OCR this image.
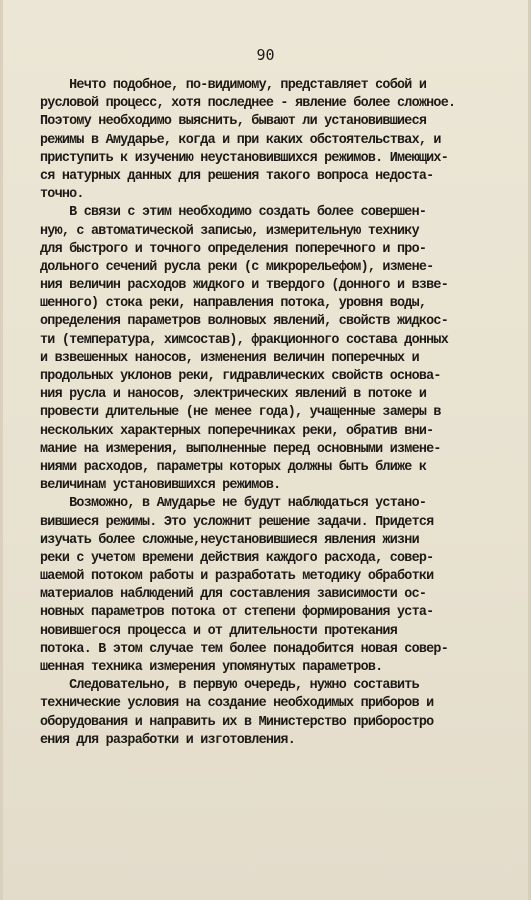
90
Нечто подобное, по-видимому, представляет собой и
русловой процесс, хотя последнее - явление более сложное.
Поэтому необходимо выяснить, бывают ли установившиеся
режимы в Амударье, когда и при каких обстоятельствах, и
приступить к изучению неустановившихся режимов. Имеющих-
ся натурных данных для решения такого вопроса недоста-
точно.
В связи с этим необходимо создать более совершен-
ную, с автоматической записью, измерительную технику
для быстрого и точного определения поперечного и про-
дольного сечений русла реки (с микрорельефом), измене-
ния величин расходов жидкого и твердого (донного и взве-
шенного) стока реки, направления потока, уровня воды,
определения параметров волновых явлений, свойств жидкос-
ти (температура, химсостав), фракционного состава донных
и взвешенных наносов, изменения величин поперечных и
продольных уклонов реки, гидравлических свойств основа-
ния русла и наносов, электрических явлений в потоке и
провести длительные (не менее года), учащенные замеры в
нескольких характерных поперечниках реки, обратив вни-
мание на измерения, выполненные перед основными измене-
ниями расходов, параметры которых должны быть ближе к
величинам установившихся режимов.
Возможно, в Амударье не будут наблюдаться устано-
вившиеся режимы. Это усложнит решение задачи. Придется
изучать более сложные,неустановившиеся явления жизни
реки с учетом времени действия каждого расхода, совер-
шаемой потоком работы и разработать методику обработки
материалов наблюдений для составления зависимости ос-
новных параметров потока от степени формирования уста-
новившегося процесса и от длительности протекания
потока. В этом случае тем более понадобится новая совер-
шенная техника измерения упомянутых параметров.
Следовательно, в первую очередь, нужно составить
технические условия на создание необходимых приборов и
оборудования и направить их в Министерство приборостро
ения для разработки и изготовления.
